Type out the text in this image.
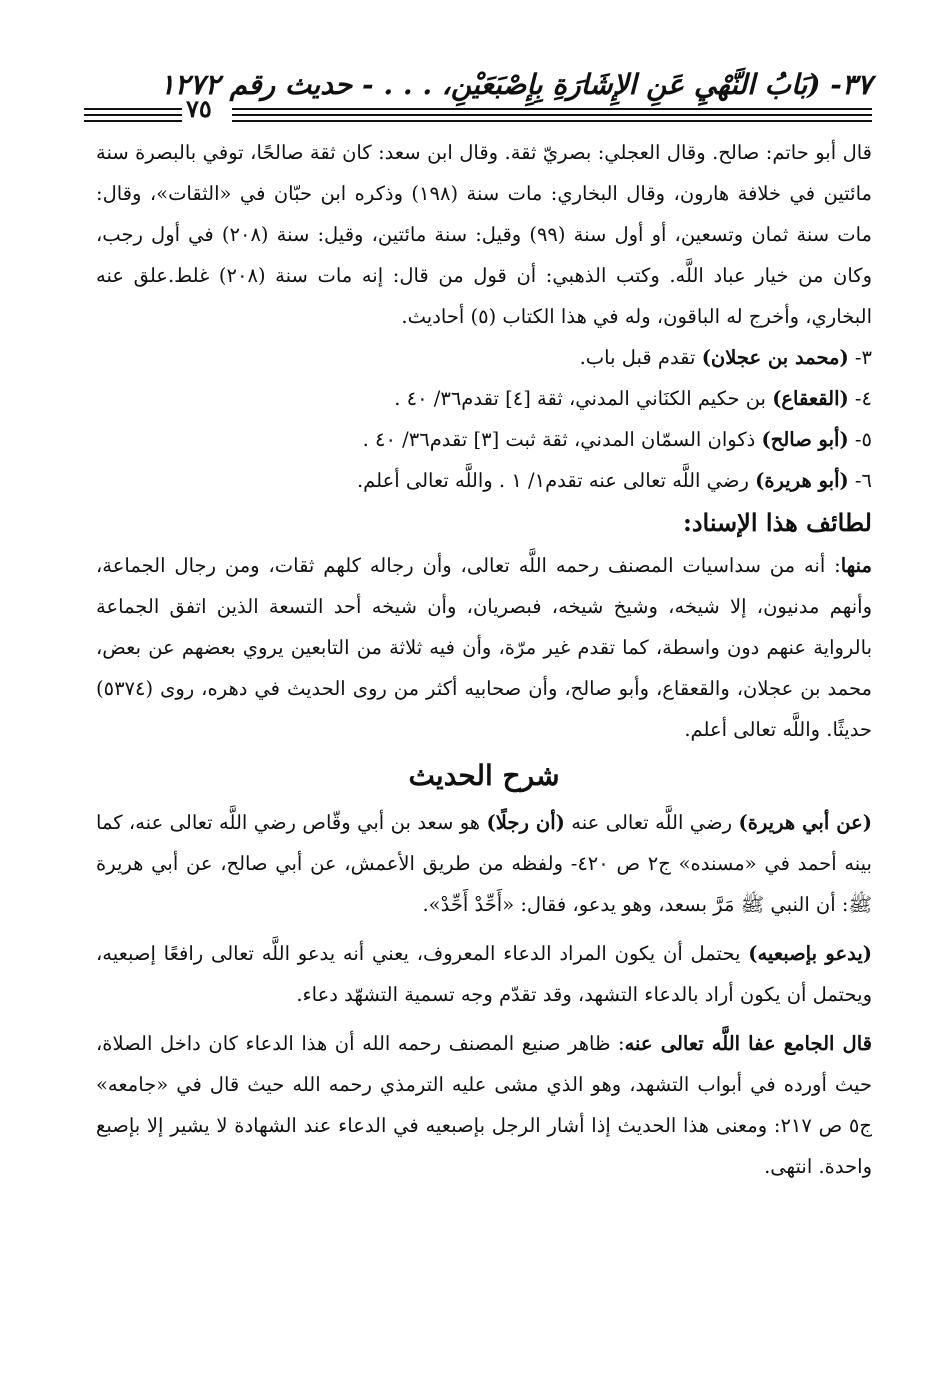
٣٧- (بَابُ النَّهْيِ عَنِ الإِشَارَةِ بِإِصْبَعَيْنِ، . . . - حديث رقم ١٢٧٢
٧٥

قال أبو حاتم: صالح. وقال العجلي: بصريّ ثقة. وقال ابن سعد: كان ثقة صالحًا، توفي بالبصرة سنة مائتين في خلافة هارون، وقال البخاري: مات سنة (١٩٨) وذكره ابن حبّان في «الثقات»، وقال: مات سنة ثمان وتسعين، أو أول سنة (٩٩) وقيل: سنة مائتين، وقيل: سنة (٢٠٨) في أول رجب، وكان من خيار عباد اللَّه. وكتب الذهبي: أن قول من قال: إنه مات سنة (٢٠٨) غلط.علق عنه البخاري، وأخرج له الباقون، وله في هذا الكتاب (٥) أحاديث.

٣- (محمد بن عجلان) تقدم قبل باب.

٤- (القعقاع) بن حكيم الكنَاني المدني، ثقة [٤] تقدم٣٦/ ٤٠ .

٥- (أبو صالح) ذكوان السمّان المدني، ثقة ثبت [٣] تقدم٣٦/ ٤٠ .

٦- (أبو هريرة) رضي اللَّه تعالى عنه تقدم١/ ١ . واللَّه تعالى أعلم.

لطائف هذا الإسناد:

منها: أنه من سداسيات المصنف رحمه اللَّه تعالى، وأن رجاله كلهم ثقات، ومن رجال الجماعة، وأنهم مدنيون، إلا شيخه، وشيخ شيخه، فبصريان، وأن شيخه أحد التسعة الذين اتفق الجماعة بالرواية عنهم دون واسطة، كما تقدم غير مرّة، وأن فيه ثلاثة من التابعين يروي بعضهم عن بعض، محمد بن عجلان، والقعقاع، وأبو صالح، وأن صحابيه أكثر من روى الحديث في دهره، روى (٥٣٧٤) حديثًا. واللَّه تعالى أعلم.

شرح الحديث

(عن أبي هريرة) رضي اللَّه تعالى عنه (أن رجلًا) هو سعد بن أبي وقّاص رضي اللَّه تعالى عنه، كما بينه أحمد في «مسنده» ج٢ ص ٤٢٠- ولفظه من طريق الأعمش، عن أبي صالح، عن أبي هريرة ﷺ: أن النبي ﷺ مَرَّ بسعد، وهو يدعو، فقال: «أَحِّدْ أَحِّدْ».

(يدعو بإصبعيه) يحتمل أن يكون المراد الدعاء المعروف، يعني أنه يدعو اللَّه تعالى رافعًا إصبعيه، ويحتمل أن يكون أراد بالدعاء التشهد، وقد تقدّم وجه تسمية التشهّد دعاء.

قال الجامع عفا اللَّه تعالى عنه: ظاهر صنيع المصنف رحمه الله أن هذا الدعاء كان داخل الصلاة، حيث أورده في أبواب التشهد، وهو الذي مشى عليه الترمذي رحمه الله حيث قال في «جامعه» ج٥ ص ٢١٧: ومعنى هذا الحديث إذا أشار الرجل بإصبعيه في الدعاء عند الشهادة لا يشير إلا بإصبع واحدة. انتهى.
